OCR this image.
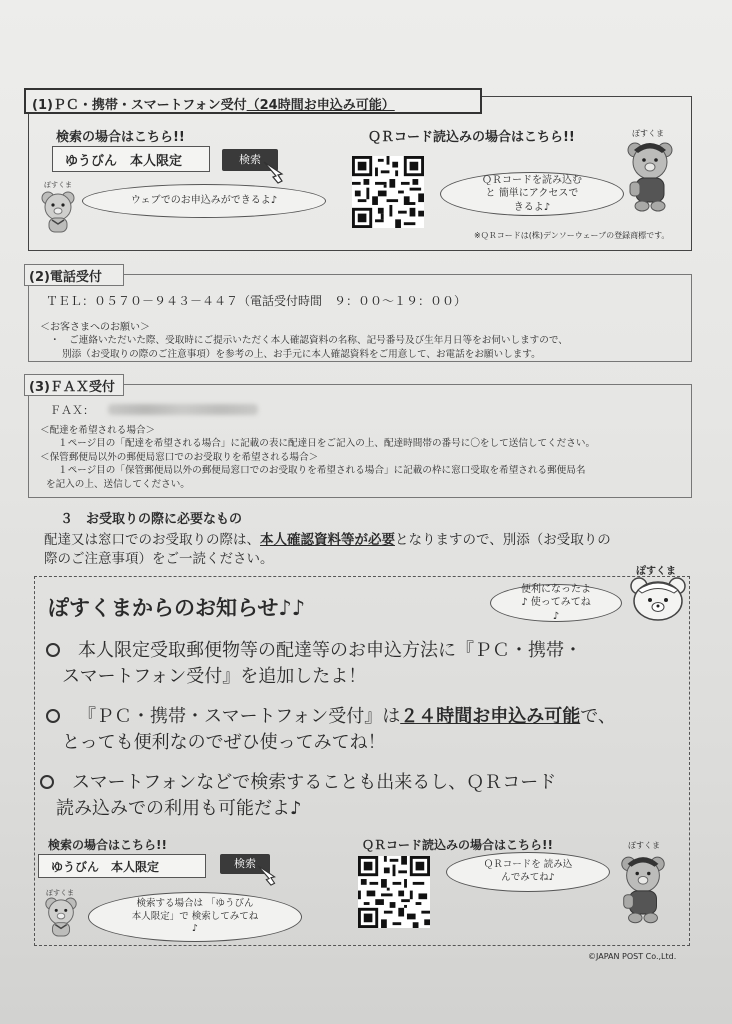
(1)ＰＣ・携帯・スマートフォン受付（24時間お申込み可能）
検索の場合はこちら!!
ゆうびん　本人限定	検索
ぽすくま
ウェブでのお申込みができるよ♪
ＱＲコード読込みの場合はこちら!!
ＱＲコードを読み込むと 簡単にアクセスできるよ♪
ぽすくま
※ＱＲコードは(株)デンソーウェーブの登録商標です。
(2)電話受付
ＴＥＬ：０５７０－９４３－４４７（電話受付時間　９：００～１９：００）
＜お客さまへのお願い＞
・　ご連絡いただいた際、受取時にご提示いただく本人確認資料の名称、記号番号及び生年月日等をお伺いしますので、
別添（お受取りの際のご注意事項）を参考の上、お手元に本人確認資料をご用意して、お電話をお願いします。
(3)ＦＡＸ受付
ＦＡＸ：
＜配達を希望される場合＞
１ページ目の「配達を希望される場合」に記載の表に配達日をご記入の上、配達時間帯の番号に〇をして送信してください。
＜保管郵便局以外の郵便局窓口でのお受取りを希望される場合＞
１ページ目の「保管郵便局以外の郵便局窓口でのお受取りを希望される場合」に記載の枠に窓口受取を希望される郵便局名
を記入の上、送信してください。
３　お受取りの際に必要なもの
配達又は窓口でのお受取りの際は、本人確認資料等が必要となりますので、別添（お受取りの
際のご注意事項）をご一読ください。
ぽすくま
ぽすくまからのお知らせ♪♪
便利になったよ♪ 使ってみてね♪
本人限定受取郵便物等の配達等のお申込方法に『ＰＣ・携帯・
スマートフォン受付』を追加したよ！
『ＰＣ・携帯・スマートフォン受付』は２４時間お申込み可能で、
とっても便利なのでぜひ使ってみてね！
スマートフォンなどで検索することも出来るし、ＱＲコード
読み込みでの利用も可能だよ♪
検索の場合はこちら!!
ゆうびん　本人限定	検索
ぽすくま
検索する場合は 「ゆうびん　本人限定」で 検索してみてね♪
ＱＲコード読込みの場合はこちら!!
ＱＲコードを 読み込んでみてね♪
ぽすくま
©JAPAN POST Co.,Ltd.
